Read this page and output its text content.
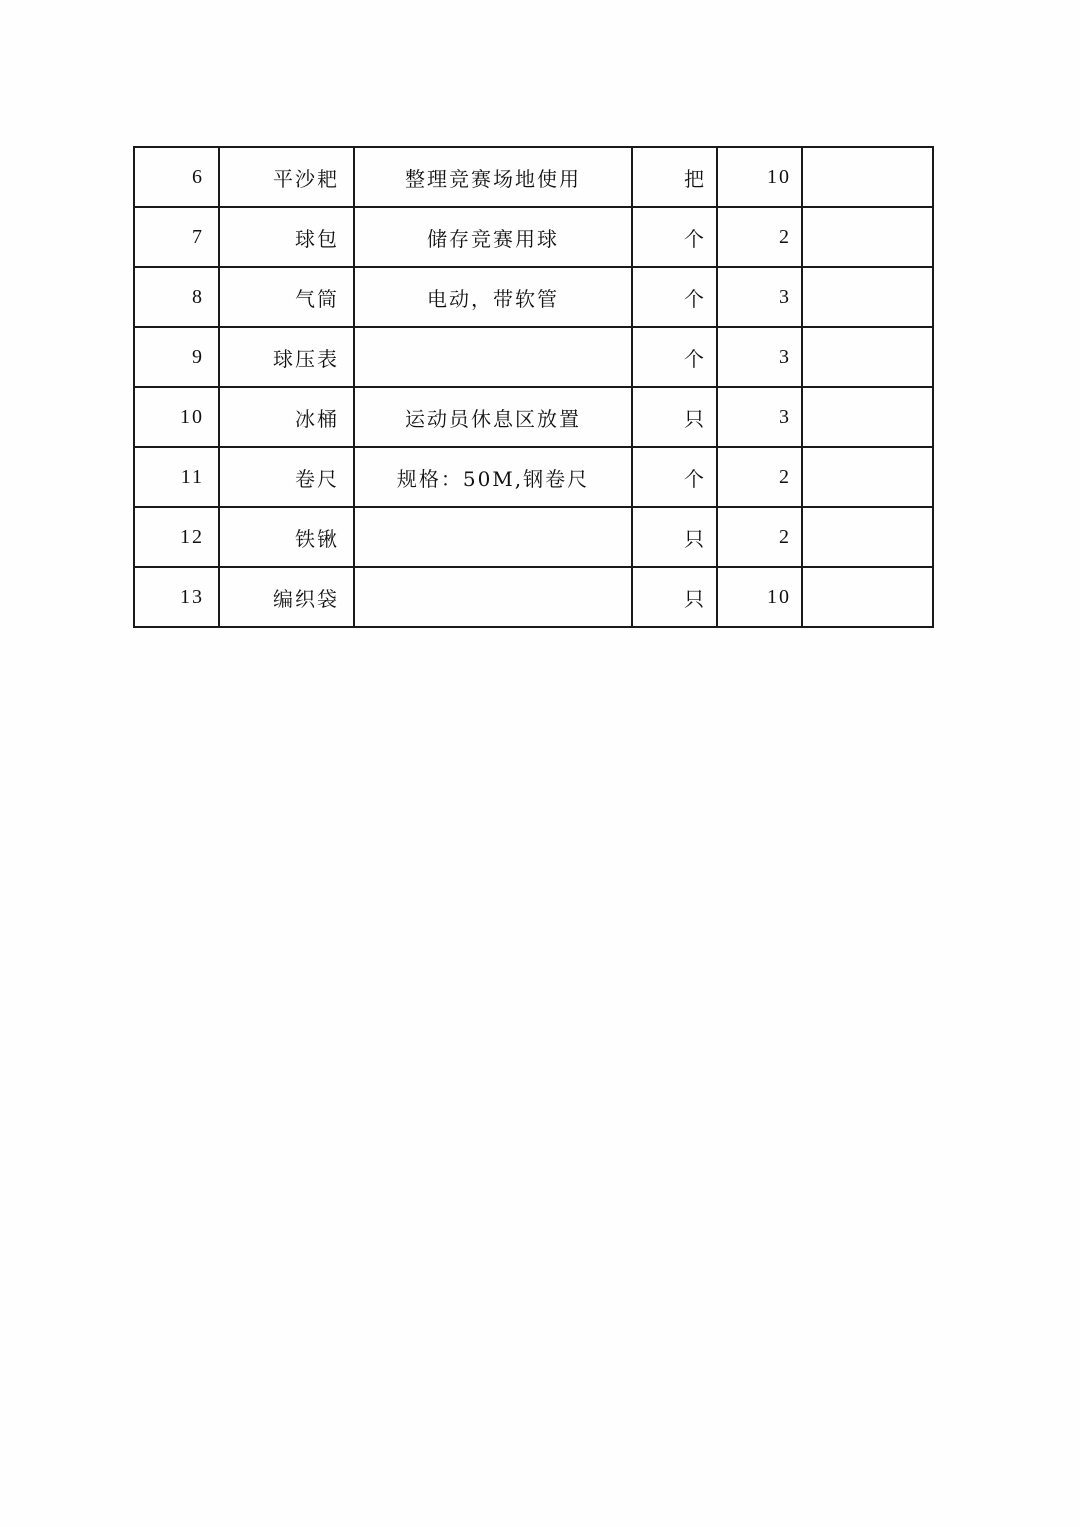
6	平沙耙	整理竞赛场地使用	把	10	
7	球包	储存竞赛用球	个	2	
8	气筒	电动，带软管	个	3	
9	球压表		个	3	
10	冰桶	运动员休息区放置	只	3	
11	卷尺	规格：50M,钢卷尺	个	2	
12	铁锹		只	2	
13	编织袋		只	10	
